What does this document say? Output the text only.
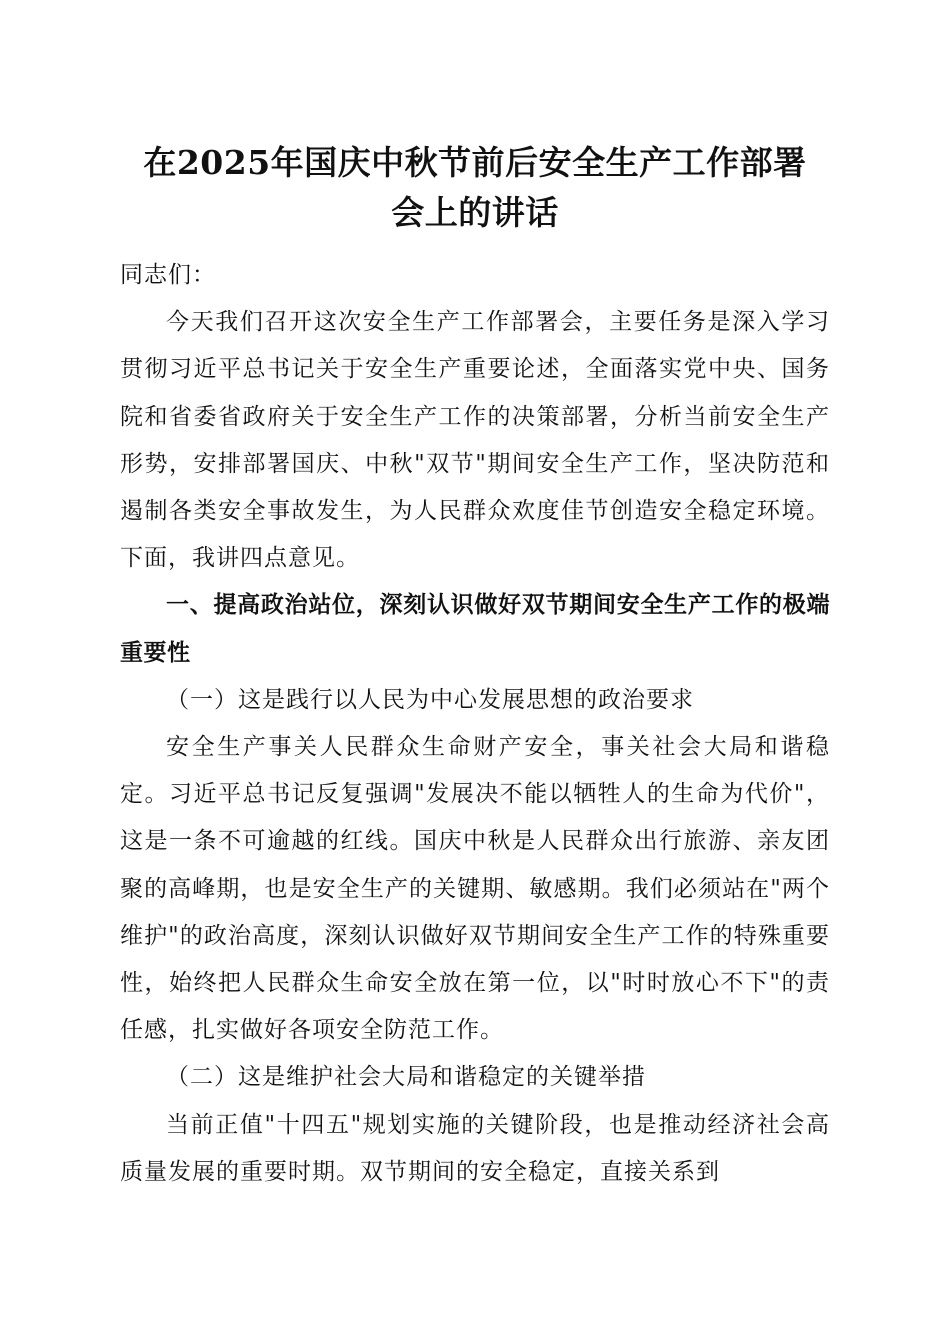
在2025年国庆中秋节前后安全生产工作部署
会上的讲话

同志们：

今天我们召开这次安全生产工作部署会，主要任务是深入学习贯彻习近平总书记关于安全生产重要论述，全面落实党中央、国务院和省委省政府关于安全生产工作的决策部署，分析当前安全生产形势，安排部署国庆、中秋"双节"期间安全生产工作，坚决防范和遏制各类安全事故发生，为人民群众欢度佳节创造安全稳定环境。下面，我讲四点意见。

一、提高政治站位，深刻认识做好双节期间安全生产工作的极端重要性

（一）这是践行以人民为中心发展思想的政治要求

安全生产事关人民群众生命财产安全，事关社会大局和谐稳定。习近平总书记反复强调"发展决不能以牺牲人的生命为代价"，这是一条不可逾越的红线。国庆中秋是人民群众出行旅游、亲友团聚的高峰期，也是安全生产的关键期、敏感期。我们必须站在"两个维护"的政治高度，深刻认识做好双节期间安全生产工作的特殊重要性，始终把人民群众生命安全放在第一位，以"时时放心不下"的责任感，扎实做好各项安全防范工作。

（二）这是维护社会大局和谐稳定的关键举措

当前正值"十四五"规划实施的关键阶段，也是推动经济社会高质量发展的重要时期。双节期间的安全稳定，直接关系到
